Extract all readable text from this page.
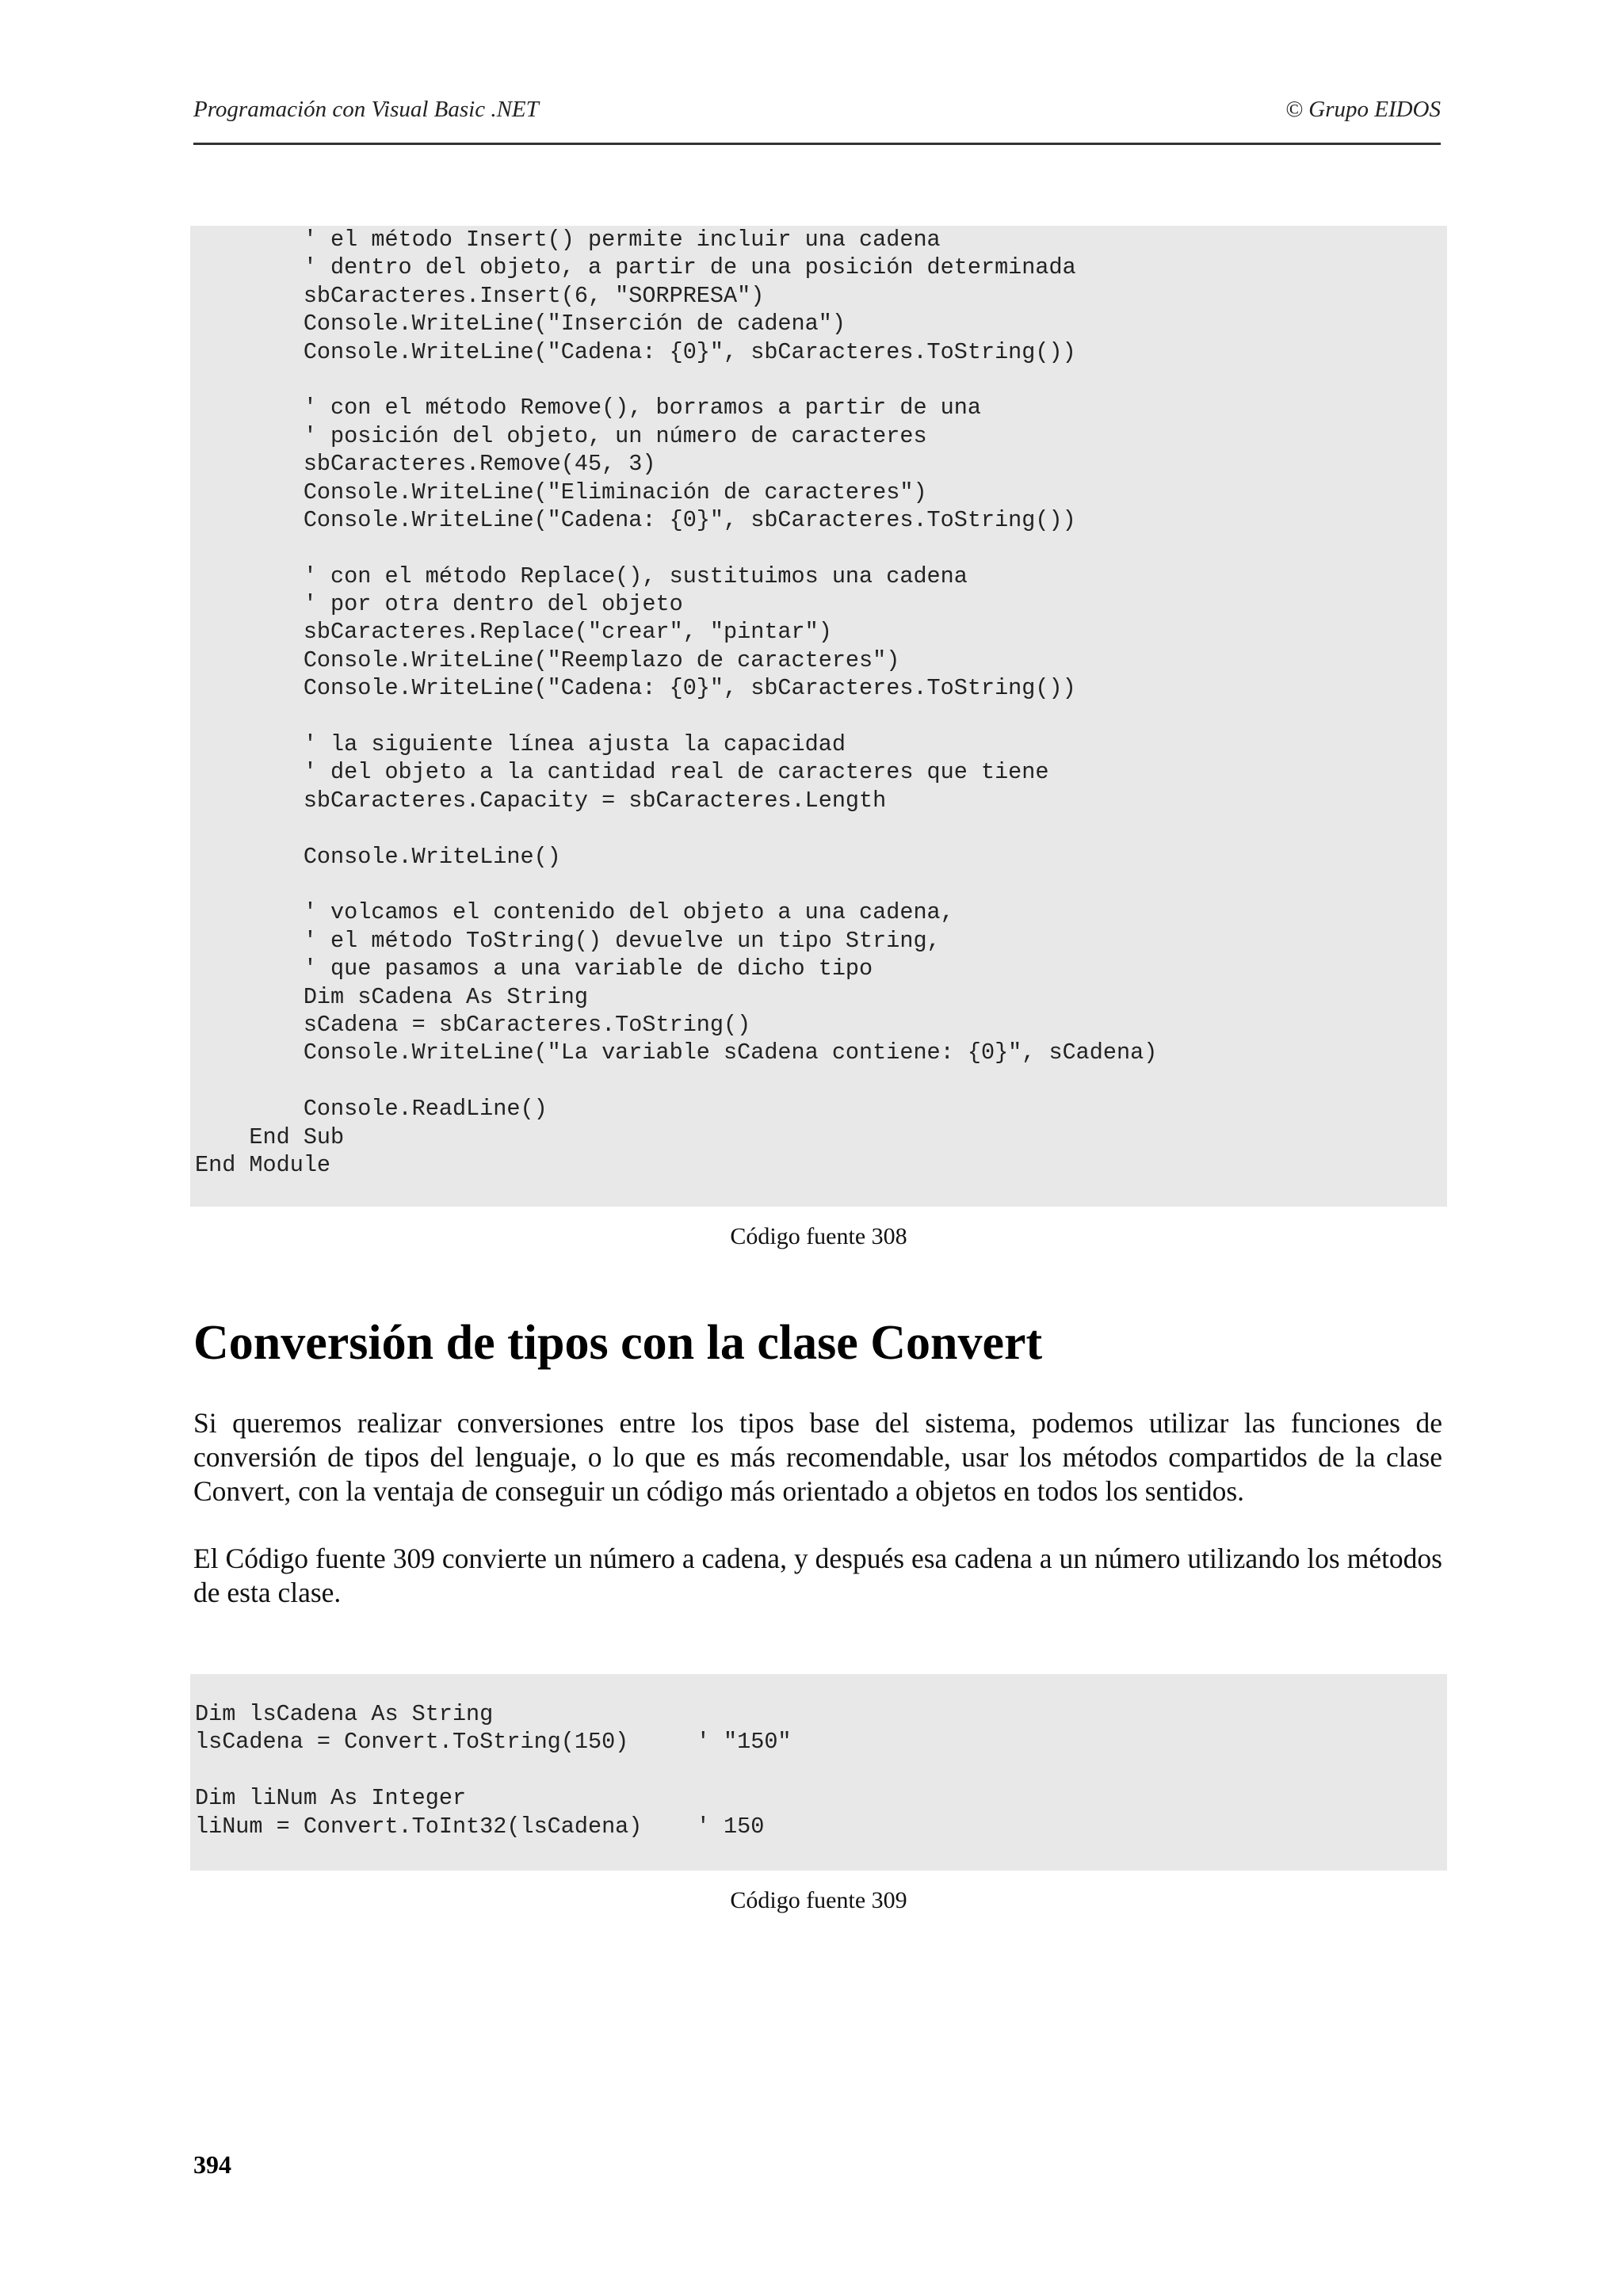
Programación con Visual Basic .NET	© Grupo EIDOS
' el método Insert() permite incluir una cadena
' dentro del objeto, a partir de una posición determinada
sbCaracteres.Insert(6, "SORPRESA")
Console.WriteLine("Inserción de cadena")
Console.WriteLine("Cadena: {0}", sbCaracteres.ToString())
' con el método Remove(), borramos a partir de una
' posición del objeto, un número de caracteres
sbCaracteres.Remove(45, 3)
Console.WriteLine("Eliminación de caracteres")
Console.WriteLine("Cadena: {0}", sbCaracteres.ToString())
' con el método Replace(), sustituimos una cadena
' por otra dentro del objeto
sbCaracteres.Replace("crear", "pintar")
Console.WriteLine("Reemplazo de caracteres")
Console.WriteLine("Cadena: {0}", sbCaracteres.ToString())
' la siguiente línea ajusta la capacidad
' del objeto a la cantidad real de caracteres que tiene
sbCaracteres.Capacity = sbCaracteres.Length
Console.WriteLine()
' volcamos el contenido del objeto a una cadena,
' el método ToString() devuelve un tipo String,
' que pasamos a una variable de dicho tipo
Dim sCadena As String
sCadena = sbCaracteres.ToString()
Console.WriteLine("La variable sCadena contiene: {0}", sCadena)
Console.ReadLine()
End Sub
End Module
Código fuente 308
Conversión de tipos con la clase Convert

Si queremos realizar conversiones entre los tipos base del sistema, podemos utilizar las funciones de conversión de tipos del lenguaje, o lo que es más recomendable, usar los métodos compartidos de la clase Convert, con la ventaja de conseguir un código más orientado a objetos en todos los sentidos.

El Código fuente 309 convierte un número a cadena, y después esa cadena a un número utilizando los métodos de esta clase.

Dim lsCadena As String
lsCadena = Convert.ToString(150)     ' "150"
Dim liNum As Integer
liNum = Convert.ToInt32(lsCadena)    ' 150
Código fuente 309
394
